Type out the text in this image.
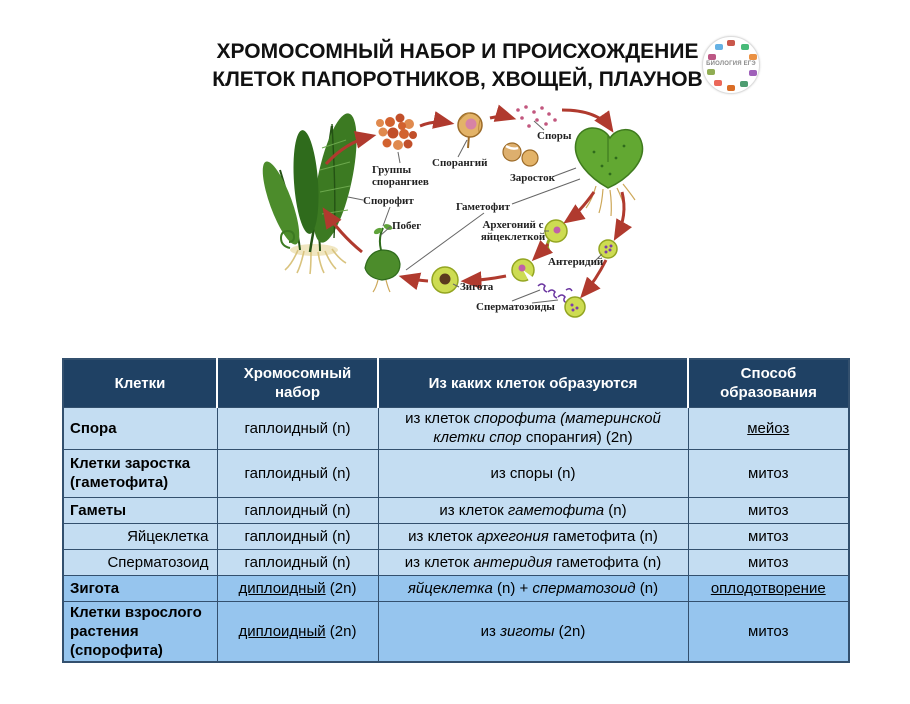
ХРОМОСОМНЫЙ НАБОР И ПРОИСХОЖДЕНИЕ
КЛЕТОК ПАПОРОТНИКОВ, ХВОЩЕЙ, ПЛАУНОВ
БИОЛОГИЯ ЕГЭ
Группы спорангиев
Спорангий
Споры
Заросток
Гаметофит
Спорофит
Побег	Архегоний с яйцеклеткой
Антеридий
Зигота
Сперматозоиды
Клетки	Хромосомный набор	Из каких клеток образуются	Способ образования
Спора	гаплоидный (n)	из клеток спорофита (материнской клетки спор спорангия) (2n)	мейоз
Клетки заростка (гаметофита)	гаплоидный (n)	из споры (n)	митоз
Гаметы	гаплоидный (n)	из клеток гаметофита (n)	митоз
Яйцеклетка	гаплоидный (n)	из клеток архегония гаметофита (n)	митоз
Сперматозоид	гаплоидный (n)	из клеток антеридия гаметофита (n)	митоз
Зигота	диплоидный (2n)	яйцеклетка (n) + сперматозоид (n)	оплодотворение
Клетки взрослого растения (спорофита)	диплоидный (2n)	из зиготы (2n)	митоз
